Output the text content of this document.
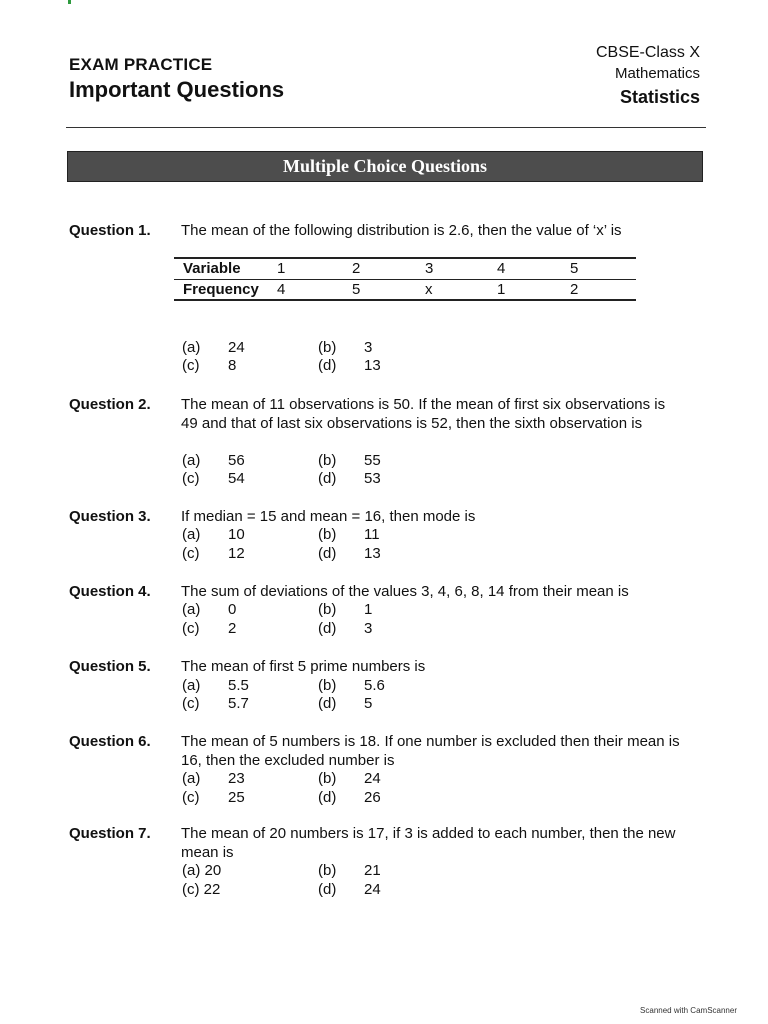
EXAM PRACTICE
Important Questions
CBSE-Class X
Mathematics
Statistics
Multiple Choice Questions
Question 1. The mean of the following distribution is 2.6, then the value of ‘x’ is
Variable 1	2	3	4	5
Frequency 4	5	x	1	2
(a) 24	(b) 3
(c) 8	(d) 13
Question 2. The mean of 11 observations is 50. If the mean of first six observations is 49 and that of last six observations is 52, then the sixth observation is
(a) 56	(b) 55
(c) 54	(d) 53
Question 3. If median = 15 and mean = 16, then mode is
(a) 10	(b) 11
(c) 12	(d) 13
Question 4. The sum of deviations of the values 3, 4, 6, 8, 14 from their mean is
(a) 0	(b) 1
(c) 2	(d) 3
Question 5. The mean of first 5 prime numbers is
(a) 5.5	(b) 5.6
(c) 5.7	(d) 5
Question 6. The mean of 5 numbers is 18. If one number is excluded then their mean is 16, then the excluded number is
(a) 23	(b) 24
(c) 25	(d) 26
Question 7. The mean of 20 numbers is 17, if 3 is added to each number, then the new mean is
(a) 20	(b) 21
(c) 22	(d) 24
Scanned with CamScanner
